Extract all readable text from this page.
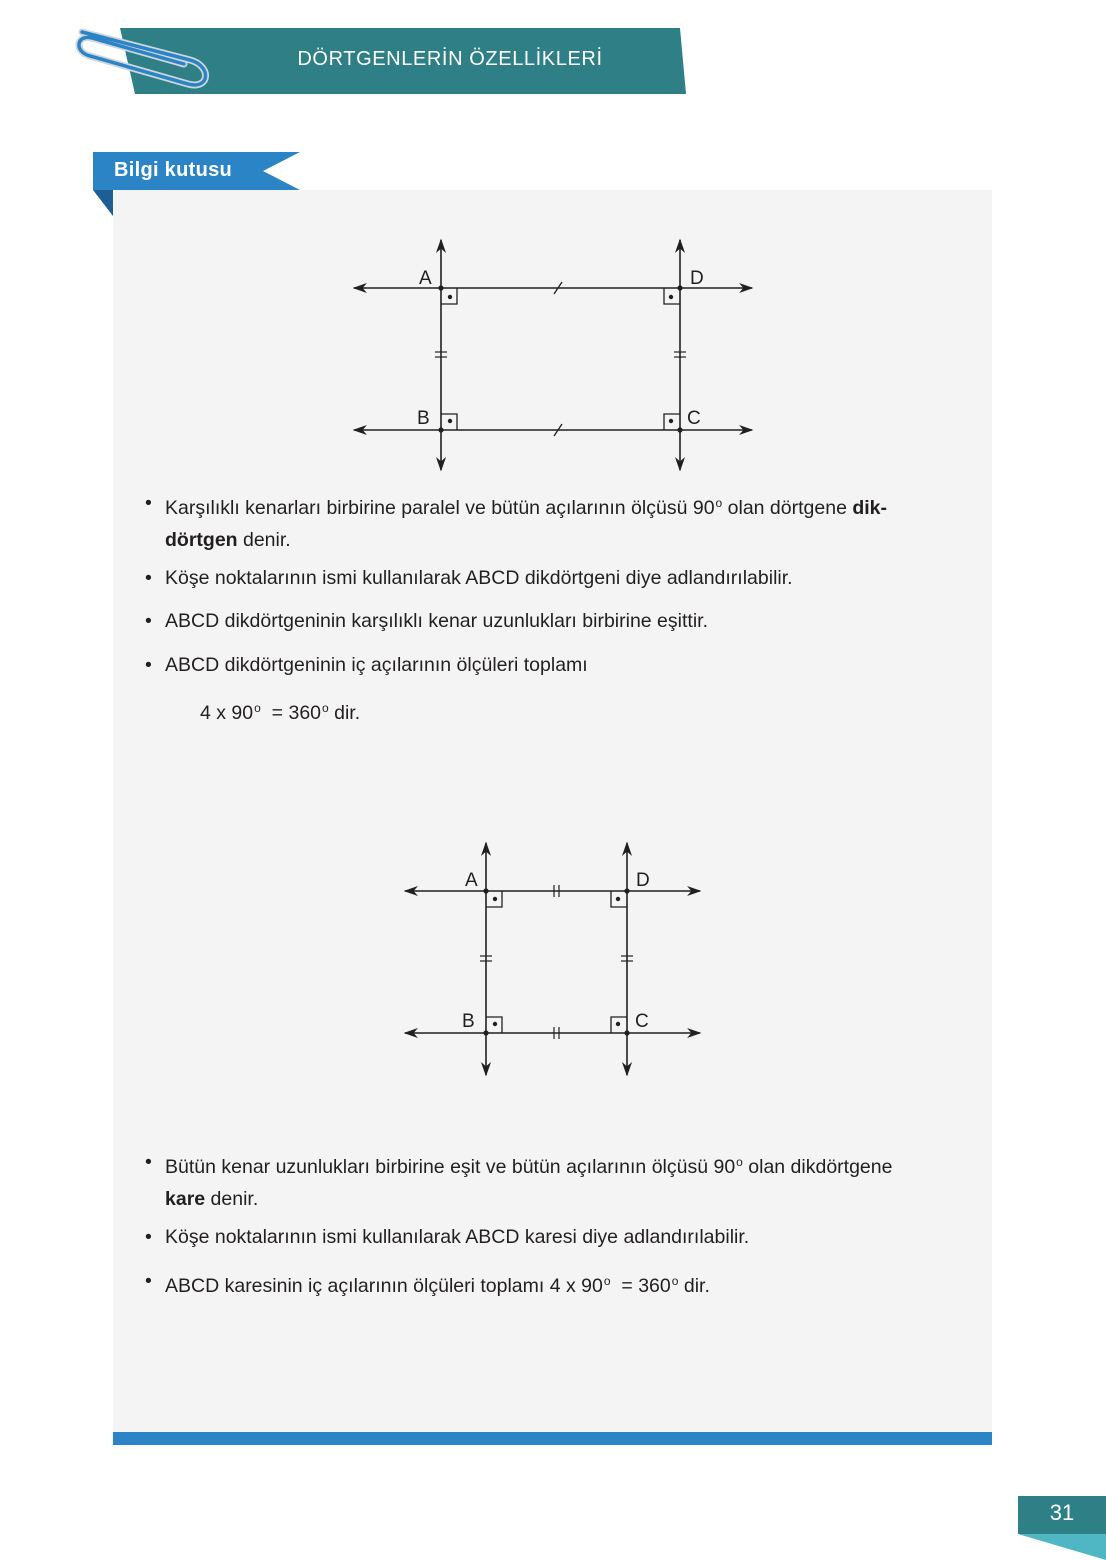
DÖRTGENLERİN ÖZELLİKLERİ
Bilgi kutusu
A	D
B	C
• Karşılıklı kenarları birbirine paralel ve bütün açılarının ölçüsü 90$^o$ olan dörtgene dik-
dörtgen denir.
• Köşe noktalarının ismi kullanılarak ABCD dikdörtgeni diye adlandırılabilir.
• ABCD dikdörtgeninin karşılıklı kenar uzunlukları birbirine eşittir.
• ABCD dikdörtgeninin iç açılarının ölçüleri toplamı
4 x $90^o = 360^o$ dir.
A	D
B	C
• Bütün kenar uzunlukları birbirine eşit ve bütün açılarının ölçüsü 90$^o$ olan dikdörtgene
kare denir.
• Köşe noktalarının ismi kullanılarak ABCD karesi diye adlandırılabilir.
• ABCD karesinin iç açılarının ölçüleri toplamı 4 x $90^o = 360^o$ dir.
31
